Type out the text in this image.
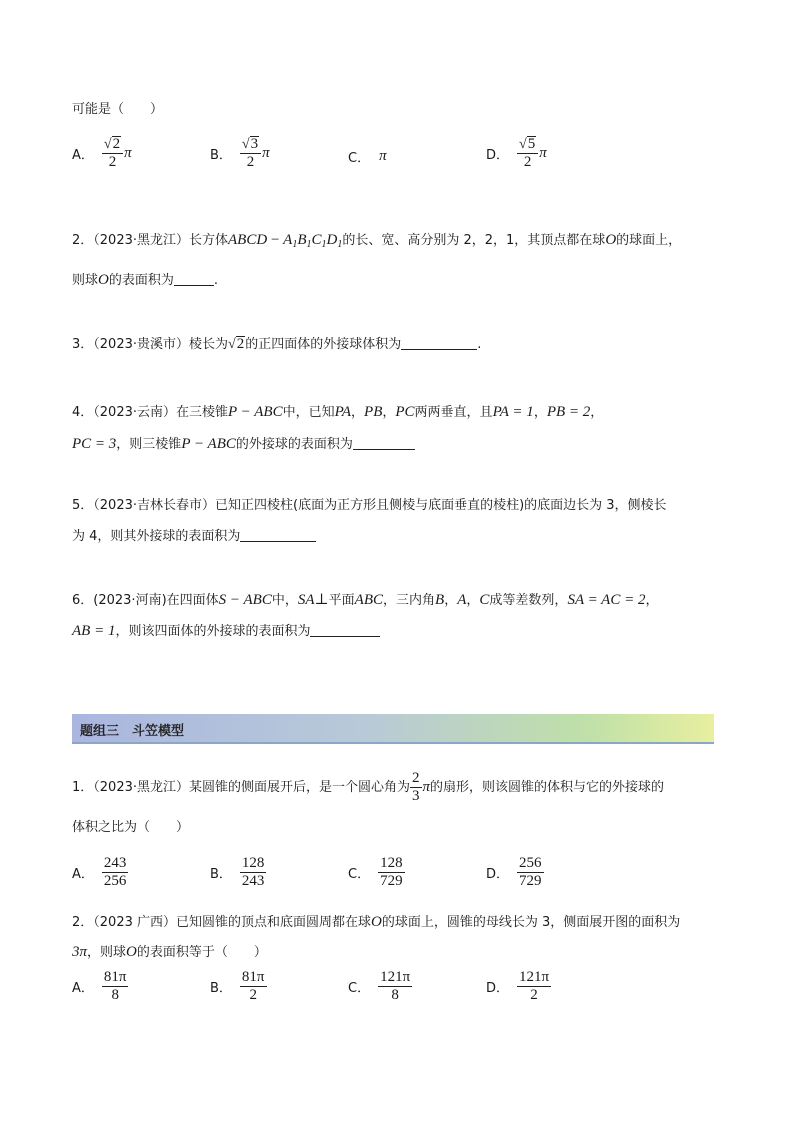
可能是（　　）
A． $\frac{√ 2}{2}$ π	B． $\frac{√ 3}{2}$ π	C． π	D． $\frac{√ 5}{2}$ π
2．（2023·黑龙江）长方体ABCD − $A_1B_1C_1D_1$的长、宽、高分别为 2，2，1，其顶点都在球O的球面上，
则球O的表面积为	.
3．（2023·贵溪市）棱长为 √ 2 的正四面体的外接球体积为	.
4．（2023·云南）在三棱锥P − ABC中，已知PA，PB，PC两两垂直，且PA = 1，PB = 2，
PC = 3，则三棱锥P − ABC的外接球的表面积为
5．（2023·吉林长春市）已知正四棱柱(底面为正方形且侧棱与底面垂直的棱柱)的底面边长为 3，侧棱长
为 4，则其外接球的表面积为
6．(2023·河南)在四面体S − ABC中，SA⊥平面ABC，三内角B，A，C成等差数列，SA = AC = 2，
AB = 1，则该四面体的外接球的表面积为
题组三　斗笠模型
1．（2023·黑龙江）某圆锥的侧面展开后，是一个圆心角为 $\frac{2}{3}$ π的扇形，则该圆锥的体积与它的外接球的
体积之比为（　　）
A． $\frac{243}{256}$	B． $\frac{128}{243}$	C． $\frac{128}{729}$	D． $\frac{256}{729}$
2．（2023 广西）已知圆锥的顶点和底面圆周都在球O的球面上，圆锥的母线长为 3，侧面展开图的面积为
3π，则球O的表面积等于（　　）
A． $\frac{81\pi}{8}$	B． $\frac{81\pi}{2}$	C． $\frac{121\pi}{8}$	D． $\frac{121\pi}{2}$
